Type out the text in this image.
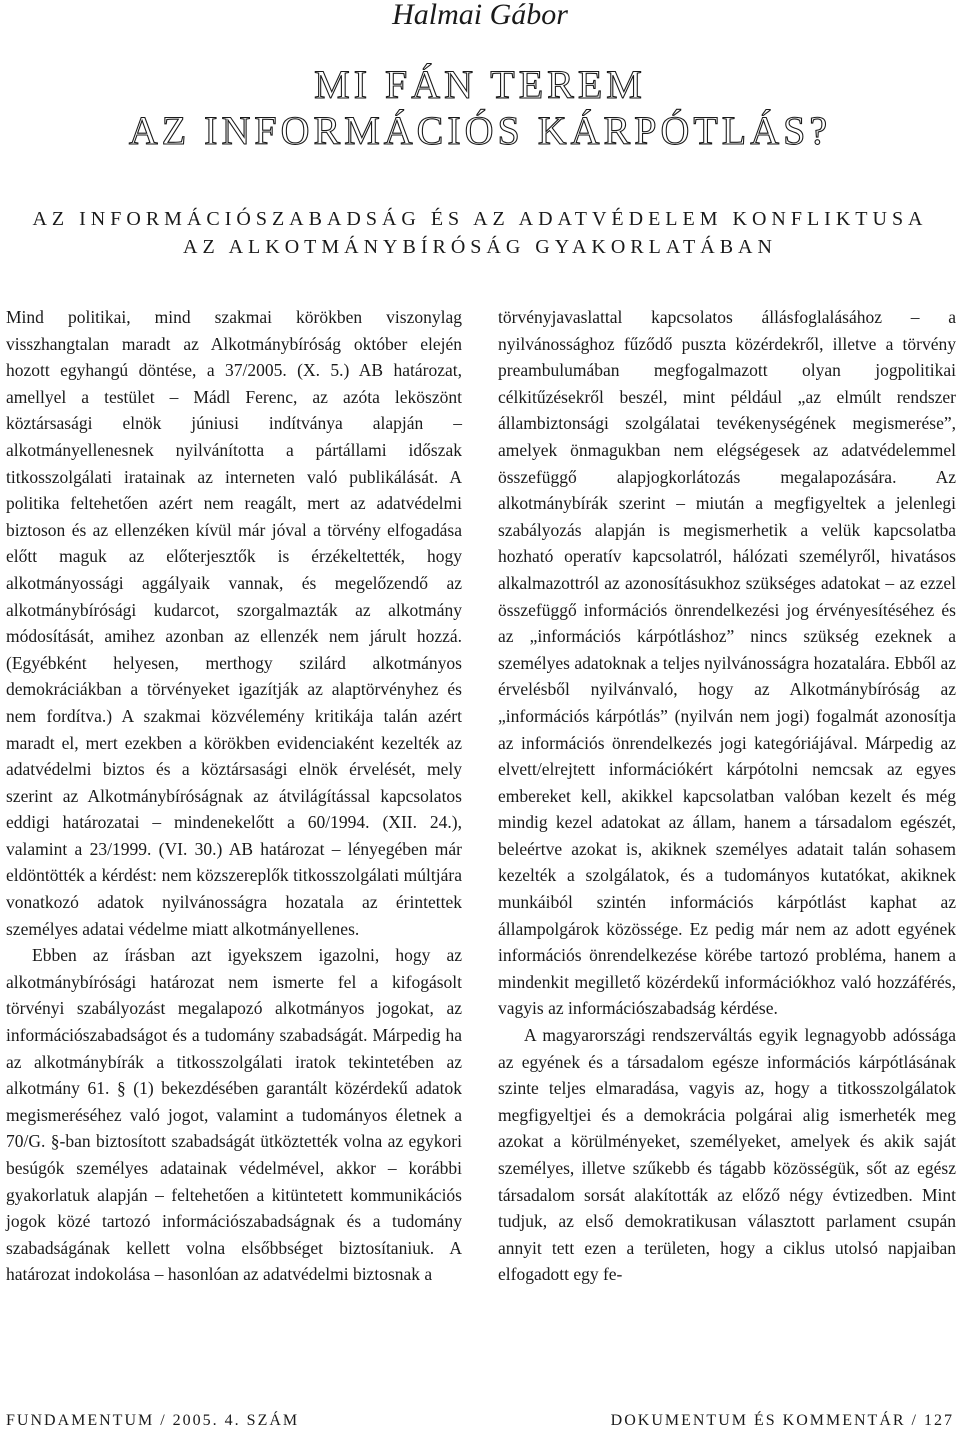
Halmai Gábor
MI FÁN TEREM
AZ INFORMÁCIÓS KÁRPÓTLÁS?
AZ INFORMÁCIÓSZABADSÁG ÉS AZ ADATVÉDELEM KONFLIKTUSA
AZ ALKOTMÁNYBÍRÓSÁG GYAKORLATÁBAN

Mind politikai, mind szakmai körökben viszonylag visszhangtalan maradt az Alkotmánybíróság október elején hozott egyhangú döntése, a 37/2005. (X. 5.) AB határozat, amellyel a testület – Mádl Ferenc, az azóta leköszönt köztársasági elnök júniusi indítványa alapján – alkotmányellenesnek nyilvánította a pártállami időszak titkosszolgálati iratainak az interneten való publikálását. A politika feltehetően azért nem reagált, mert az adatvédelmi biztoson és az ellenzéken kívül már jóval a törvény elfogadása előtt maguk az előterjesztők is érzékeltették, hogy alkotmányossági aggályaik vannak, és megelőzendő az alkotmánybírósági kudarcot, szorgalmazták az alkotmány módosítását, amihez azonban az ellenzék nem járult hozzá. (Egyébként helyesen, merthogy szilárd alkotmányos demokráciákban a törvényeket igazítják az alaptörvényhez és nem fordítva.) A szakmai közvélemény kritikája talán azért maradt el, mert ezekben a körökben evidenciaként kezelték az adatvédelmi biztos és a köztársasági elnök érvelését, mely szerint az Alkotmánybíróságnak az átvilágítással kapcsolatos eddigi határozatai – mindenekelőtt a 60/1994. (XII. 24.), valamint a 23/1999. (VI. 30.) AB határozat – lényegében már eldöntötték a kérdést: nem közszereplők titkosszolgálati múltjára vonatkozó adatok nyilvánosságra hozatala az érintettek személyes adatai védelme miatt alkotmányellenes.

Ebben az írásban azt igyekszem igazolni, hogy az alkotmánybírósági határozat nem ismerte fel a kifogásolt törvényi szabályozást megalapozó alkotmányos jogokat, az információszabadságot és a tudomány szabadságát. Márpedig ha az alkotmánybírák a titkosszolgálati iratok tekintetében az alkotmány 61. § (1) bekezdésében garantált közérdekű adatok megismeréséhez való jogot, valamint a tudományos életnek a 70/G. §-ban biztosított szabadságát ütköztették volna az egykori besúgók személyes adatainak védelmével, akkor – korábbi gyakorlatuk alapján – feltehetően a kitüntetett kommunikációs jogok közé tartozó információszabadságnak és a tudomány szabadságának kellett volna elsőbbséget biztosítaniuk. A határozat indokolása – hasonlóan az adatvédelmi biztosnak a

törvényjavaslattal kapcsolatos állásfoglalásához – a nyilvánossághoz fűződő puszta közérdekről, illetve a törvény preambulumában megfogalmazott olyan jogpolitikai célkitűzésekről beszél, mint például „az elmúlt rendszer állambiztonsági szolgálatai tevékenységének megismerése”, amelyek önmagukban nem elégségesek az adatvédelemmel összefüggő alapjogkorlátozás megalapozására. Az alkotmánybírák szerint – miután a megfigyeltek a jelenlegi szabályozás alapján is megismerhetik a velük kapcsolatba hozható operatív kapcsolatról, hálózati személyről, hivatásos alkalmazottról az azonosításukhoz szükséges adatokat – az ezzel összefüggő információs önrendelkezési jog érvényesítéséhez és az „információs kárpótláshoz” nincs szükség ezeknek a személyes adatoknak a teljes nyilvánosságra hozatalára. Ebből az érvelésből nyilvánvaló, hogy az Alkotmánybíróság az „információs kárpótlás” (nyilván nem jogi) fogalmát azonosítja az információs önrendelkezés jogi kategóriájával. Márpedig az elvett/elrejtett információkért kárpótolni nemcsak az egyes embereket kell, akikkel kapcsolatban valóban kezelt és még mindig kezel adatokat az állam, hanem a társadalom egészét, beleértve azokat is, akiknek személyes adatait talán sohasem kezelték a szolgálatok, és a tudományos kutatókat, akiknek munkáiból szintén információs kárpótlást kaphat az állampolgárok közössége. Ez pedig már nem az adott egyének információs önrendelkezése körébe tartozó probléma, hanem a mindenkit megillető közérdekű információkhoz való hozzáférés, vagyis az információszabadság kérdése.

A magyarországi rendszerváltás egyik legnagyobb adóssága az egyének és a társadalom egésze információs kárpótlásának szinte teljes elmaradása, vagyis az, hogy a titkosszolgálatok megfigyeltjei és a demokrácia polgárai alig ismerheték meg azokat a körülményeket, személyeket, amelyek és akik saját személyes, illetve szűkebb és tágabb közösségük, sőt az egész társadalom sorsát alakították az előző négy évtizedben. Mint tudjuk, az első demokratikusan választott parlament csupán annyit tett ezen a területen, hogy a ciklus utolsó napjaiban elfogadott egy fe-

FUNDAMENTUM / 2005. 4. SZÁM	DOKUMENTUM ÉS KOMMENTÁR / 127
